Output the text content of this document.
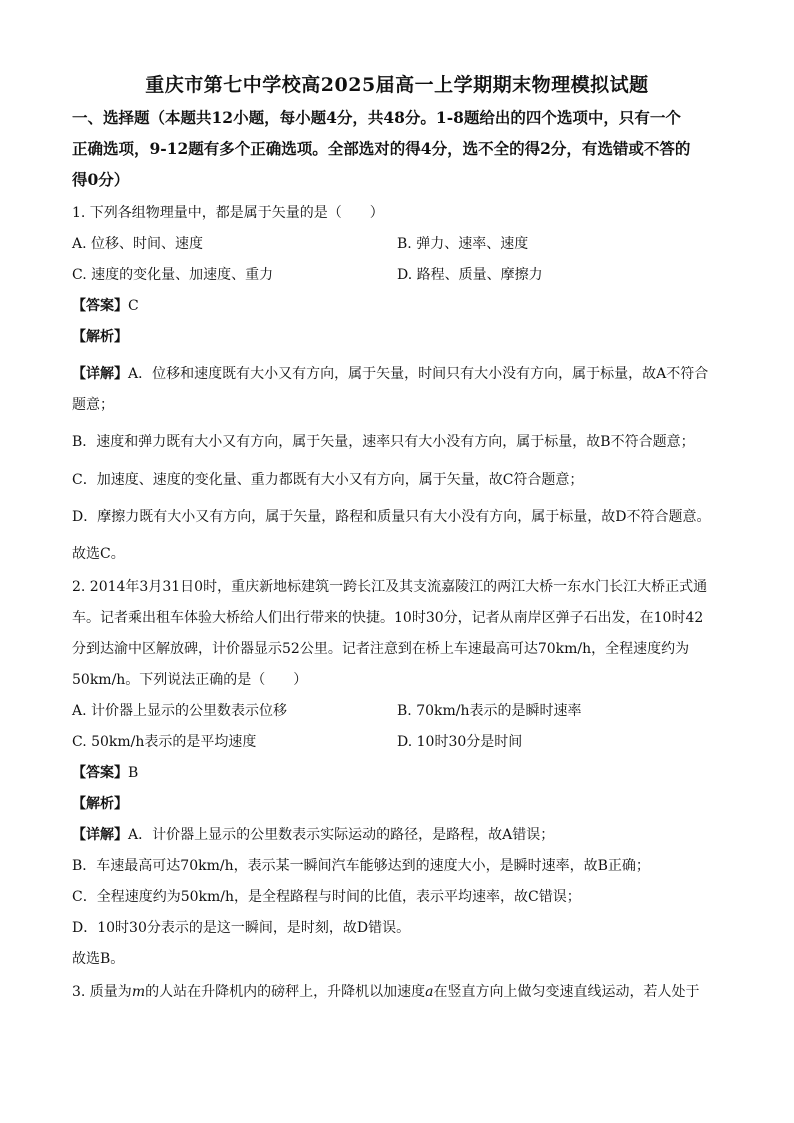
重庆市第七中学校高2025届高一上学期期末物理模拟试题
一、选择题（本题共12小题，每小题4分，共48分。1-8题给出的四个选项中，只有一个
正确选项，9-12题有多个正确选项。全部选对的得4分，选不全的得2分，有选错或不答的
得0分）
1. 下列各组物理量中，都是属于矢量的是（　　）
A. 位移、时间、速度	B. 弹力、速率、速度
C. 速度的变化量、加速度、重力	D. 路程、质量、摩擦力
【答案】C
【解析】
【详解】A．位移和速度既有大小又有方向，属于矢量，时间只有大小没有方向，属于标量，故A不符合
题意；
B．速度和弹力既有大小又有方向，属于矢量，速率只有大小没有方向，属于标量，故B不符合题意；
C．加速度、速度的变化量、重力都既有大小又有方向，属于矢量，故C符合题意；
D．摩擦力既有大小又有方向，属于矢量，路程和质量只有大小没有方向，属于标量，故D不符合题意。
故选C。
2. 2014年3月31日0时，重庆新地标建筑一跨长江及其支流嘉陵江的两江大桥一东水门长江大桥正式通
车。记者乘出租车体验大桥给人们出行带来的快捷。10时30分，记者从南岸区弹子石出发，在10时42
分到达渝中区解放碑，计价器显示52公里。记者注意到在桥上车速最高可达70km/h，全程速度约为
50km/h。下列说法正确的是（　　）
A. 计价器上显示的公里数表示位移	B. 70km/h表示的是瞬时速率
C. 50km/h表示的是平均速度	D. 10时30分是时间
【答案】B
【解析】
【详解】A．计价器上显示的公里数表示实际运动的路径，是路程，故A错误；
B．车速最高可达70km/h，表示某一瞬间汽车能够达到的速度大小，是瞬时速率，故B正确；
C．全程速度约为50km/h，是全程路程与时间的比值，表示平均速率，故C错误；
D．10时30分表示的是这一瞬间，是时刻，故D错误。
故选B。
3. 质量为m的人站在升降机内的磅秤上，升降机以加速度a在竖直方向上做匀变速直线运动，若人处于
